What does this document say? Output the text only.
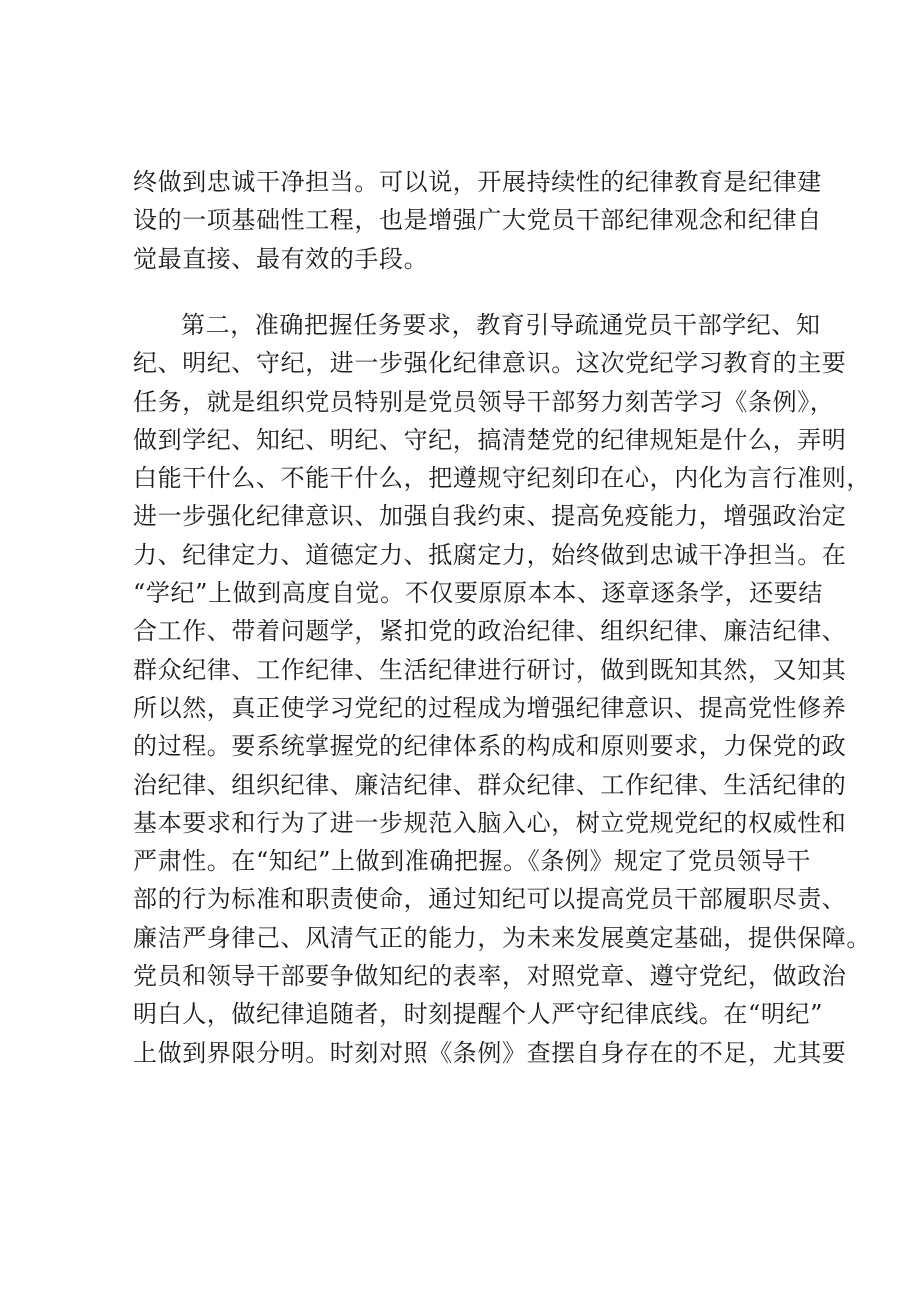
终做到忠诚干净担当。可以说，开展持续性的纪律教育是纪律建
设的一项基础性工程，也是增强广大党员干部纪律观念和纪律自
觉最直接、最有效的手段。
第二，准确把握任务要求，教育引导疏通党员干部学纪、知
纪、明纪、守纪，进一步强化纪律意识。这次党纪学习教育的主要
任务，就是组织党员特别是党员领导干部努力刻苦学习《条例》，
做到学纪、知纪、明纪、守纪，搞清楚党的纪律规矩是什么，弄明
白能干什么、不能干什么，把遵规守纪刻印在心，内化为言行准则，
进一步强化纪律意识、加强自我约束、提高免疫能力，增强政治定
力、纪律定力、道德定力、抵腐定力，始终做到忠诚干净担当。在
“学纪”上做到高度自觉。不仅要原原本本、逐章逐条学，还要结
合工作、带着问题学，紧扣党的政治纪律、组织纪律、廉洁纪律、
群众纪律、工作纪律、生活纪律进行研讨，做到既知其然，又知其
所以然，真正使学习党纪的过程成为增强纪律意识、提高党性修养
的过程。要系统掌握党的纪律体系的构成和原则要求，力保党的政
治纪律、组织纪律、廉洁纪律、群众纪律、工作纪律、生活纪律的
基本要求和行为了进一步规范入脑入心，树立党规党纪的权威性和
严肃性。在“知纪”上做到准确把握。《条例》规定了党员领导干
部的行为标准和职责使命，通过知纪可以提高党员干部履职尽责、
廉洁严身律己、风清气正的能力，为未来发展奠定基础，提供保障。
党员和领导干部要争做知纪的表率，对照党章、遵守党纪，做政治
明白人，做纪律追随者，时刻提醒个人严守纪律底线。在“明纪”
上做到界限分明。时刻对照《条例》查摆自身存在的不足，尤其要
